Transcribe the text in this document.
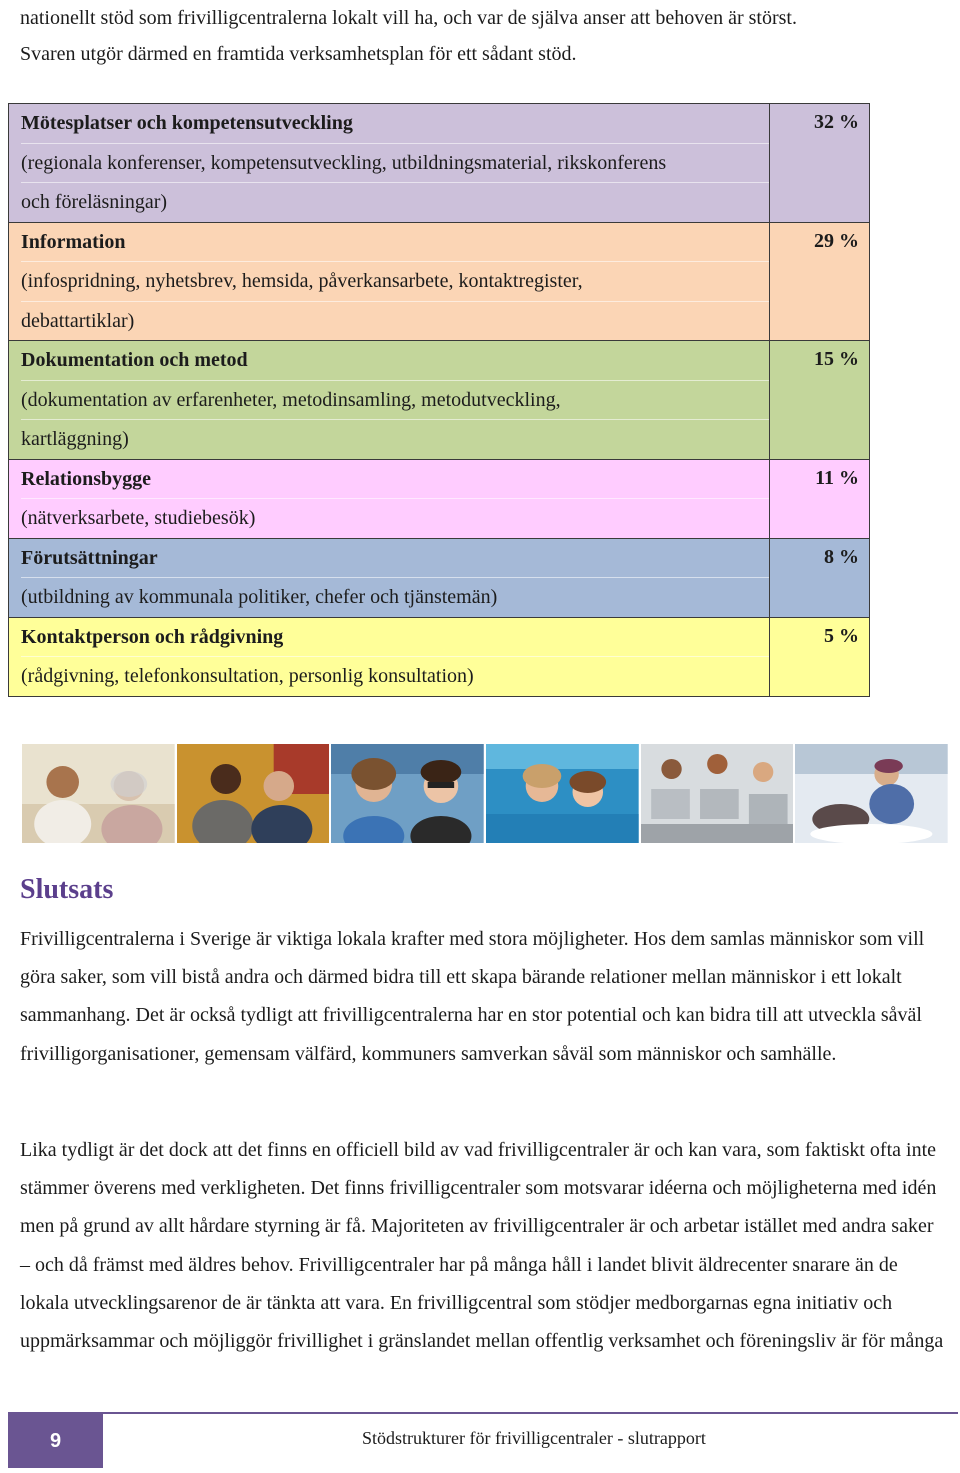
nationellt stöd som frivilligcentralerna lokalt vill ha, och var de själva anser att behoven är störst.

Svaren utgör därmed en framtida verksamhetsplan för ett sådant stöd.

Mötesplatser och kompetensutveckling
(regionala konferenser, kompetensutveckling, utbildningsmaterial, rikskonferens
och föreläsningar)	32 %

Information
(infospridning, nyhetsbrev, hemsida, påverkansarbete, kontaktregister,
debattartiklar)	29 %

Dokumentation och metod
(dokumentation av erfarenheter, metodinsamling, metodutveckling,
kartläggning)	15 %

Relationsbygge
(nätverksarbete, studiebesök)	11 %

Förutsättningar
(utbildning av kommunala politiker, chefer och tjänstemän)	8 %

Kontaktperson och rådgivning
(rådgivning, telefonkonsultation, personlig konsultation)	5 %
Slutsats

Frivilligcentralerna i Sverige är viktiga lokala krafter med stora möjligheter. Hos dem samlas människor som vill göra saker, som vill bistå andra och därmed bidra till ett skapa bärande relationer mellan människor i ett lokalt sammanhang. Det är också tydligt att frivilligcentralerna har en stor potential och kan bidra till att utveckla såväl frivilligorganisationer, gemensam välfärd, kommuners samverkan såväl som människor och samhälle.

Lika tydligt är det dock att det finns en officiell bild av vad frivilligcentraler är och kan vara, som faktiskt ofta inte stämmer överens med verkligheten. Det finns frivilligcentraler som motsvarar idéerna och möjligheterna med idén men på grund av allt hårdare styrning är få. Majoriteten av frivilligcentraler är och arbetar istället med andra saker – och då främst med äldres behov. Frivilligcentraler har på många håll i landet blivit äldrecenter snarare än de lokala utvecklingsarenor de är tänkta att vara. En frivilligcentral som stödjer medborgarnas egna initiativ och uppmärksammar och möjliggör frivillighet i gränslandet mellan offentlig verksamhet och föreningsliv är för många

9	Stödstrukturer för frivilligcentraler - slutrapport
